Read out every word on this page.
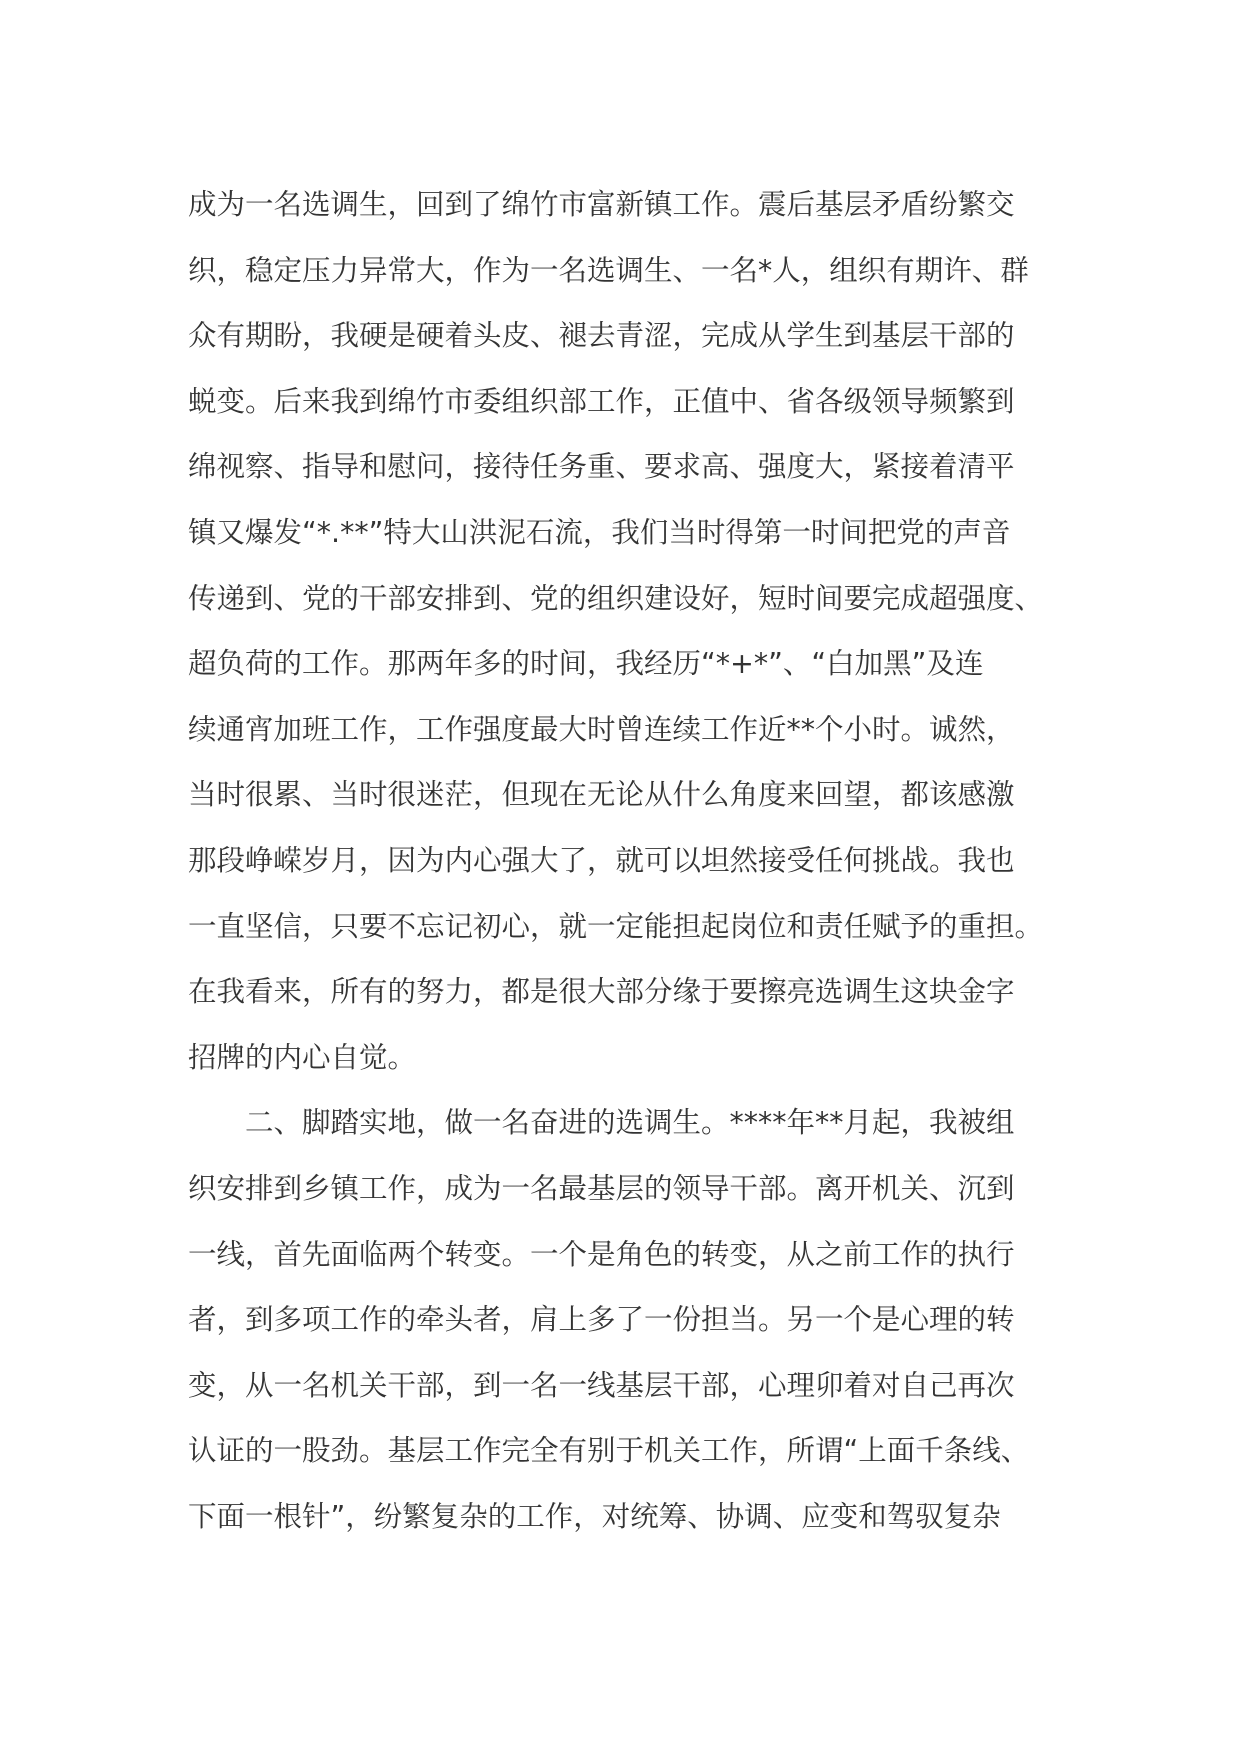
成为一名选调生，回到了绵竹市富新镇工作。震后基层矛盾纷繁交
织，稳定压力异常大，作为一名选调生、一名*人，组织有期许、群
众有期盼，我硬是硬着头皮、褪去青涩，完成从学生到基层干部的
蜕变。后来我到绵竹市委组织部工作，正值中、省各级领导频繁到
绵视察、指导和慰问，接待任务重、要求高、强度大，紧接着清平
镇又爆发“*.**”特大山洪泥石流，我们当时得第一时间把党的声音
传递到、党的干部安排到、党的组织建设好，短时间要完成超强度、
超负荷的工作。那两年多的时间，我经历“*+*”、“白加黑”及连
续通宵加班工作，工作强度最大时曾连续工作近**个小时。诚然，
当时很累、当时很迷茫，但现在无论从什么角度来回望，都该感激
那段峥嵘岁月，因为内心强大了，就可以坦然接受任何挑战。我也
一直坚信，只要不忘记初心，就一定能担起岗位和责任赋予的重担。
在我看来，所有的努力，都是很大部分缘于要擦亮选调生这块金字
招牌的内心自觉。
　　二、脚踏实地，做一名奋进的选调生。****年**月起，我被组
织安排到乡镇工作，成为一名最基层的领导干部。离开机关、沉到
一线，首先面临两个转变。一个是角色的转变，从之前工作的执行
者，到多项工作的牵头者，肩上多了一份担当。另一个是心理的转
变，从一名机关干部，到一名一线基层干部，心理卯着对自己再次
认证的一股劲。基层工作完全有别于机关工作，所谓“上面千条线、
下面一根针”，纷繁复杂的工作，对统筹、协调、应变和驾驭复杂
